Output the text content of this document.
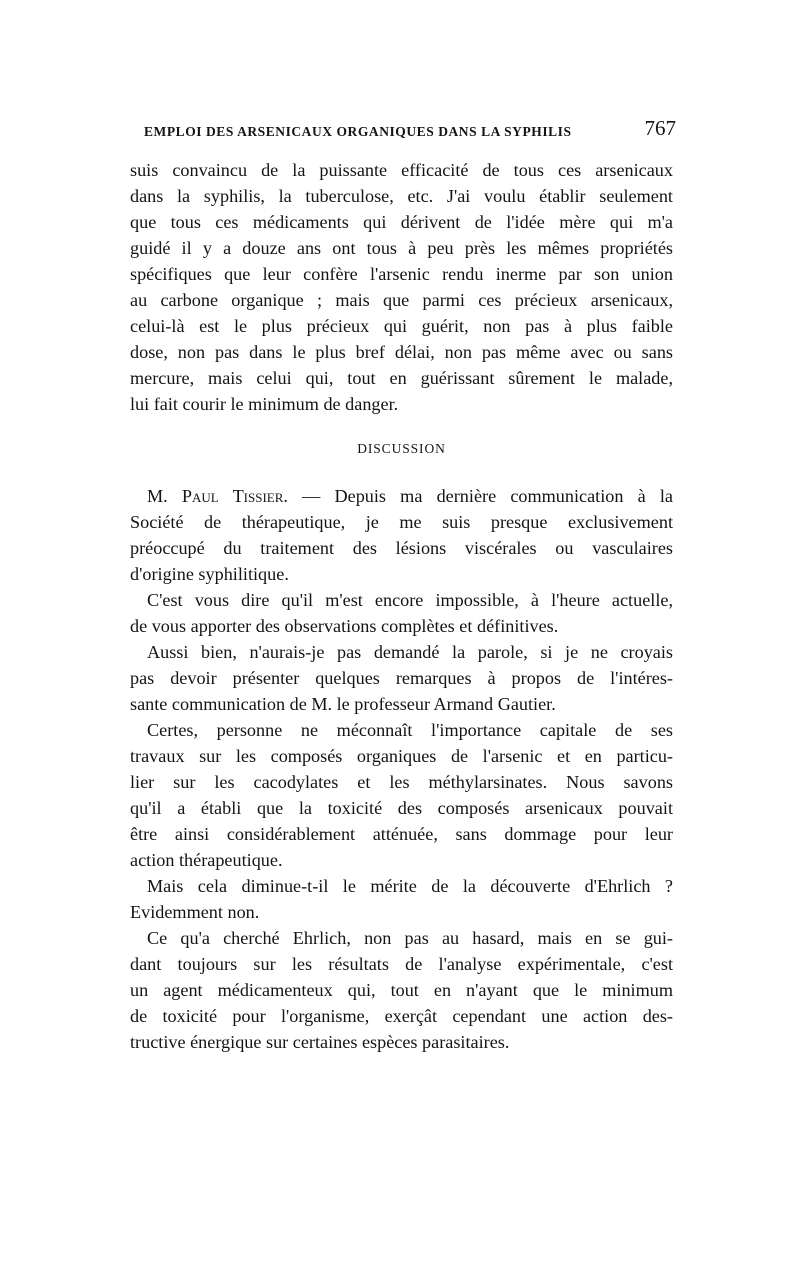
EMPLOI DES ARSENICAUX ORGANIQUES DANS LA SYPHILIS	767
suis convaincu de la puissante efficacité de tous ces arsenicaux
dans la syphilis, la tuberculose, etc. J'ai voulu établir seulement
que tous ces médicaments qui dérivent de l'idée mère qui m'a
guidé il y a douze ans ont tous à peu près les mêmes propriétés
spécifiques que leur confère l'arsenic rendu inerme par son union
au carbone organique ; mais que parmi ces précieux arsenicaux,
celui-là est le plus précieux qui guérit, non pas à plus faible
dose, non pas dans le plus bref délai, non pas même avec ou sans
mercure, mais celui qui, tout en guérissant sûrement le malade,
lui fait courir le minimum de danger.
DISCUSSION
M. Paul Tissier. — Depuis ma dernière communication à la
Société de thérapeutique, je me suis presque exclusivement
préoccupé du traitement des lésions viscérales ou vasculaires
d'origine syphilitique.
C'est vous dire qu'il m'est encore impossible, à l'heure actuelle,
de vous apporter des observations complètes et définitives.
Aussi bien, n'aurais-je pas demandé la parole, si je ne croyais
pas devoir présenter quelques remarques à propos de l'intéres-
sante communication de M. le professeur Armand Gautier.
Certes, personne ne méconnaît l'importance capitale de ses
travaux sur les composés organiques de l'arsenic et en particu-
lier sur les cacodylates et les méthylarsinates. Nous savons
qu'il a établi que la toxicité des composés arsenicaux pouvait
être ainsi considérablement atténuée, sans dommage pour leur
action thérapeutique.
Mais cela diminue-t-il le mérite de la découverte d'Ehrlich ?
Evidemment non.
Ce qu'a cherché Ehrlich, non pas au hasard, mais en se gui-
dant toujours sur les résultats de l'analyse expérimentale, c'est
un agent médicamenteux qui, tout en n'ayant que le minimum
de toxicité pour l'organisme, exerçât cependant une action des-
tructive énergique sur certaines espèces parasitaires.
